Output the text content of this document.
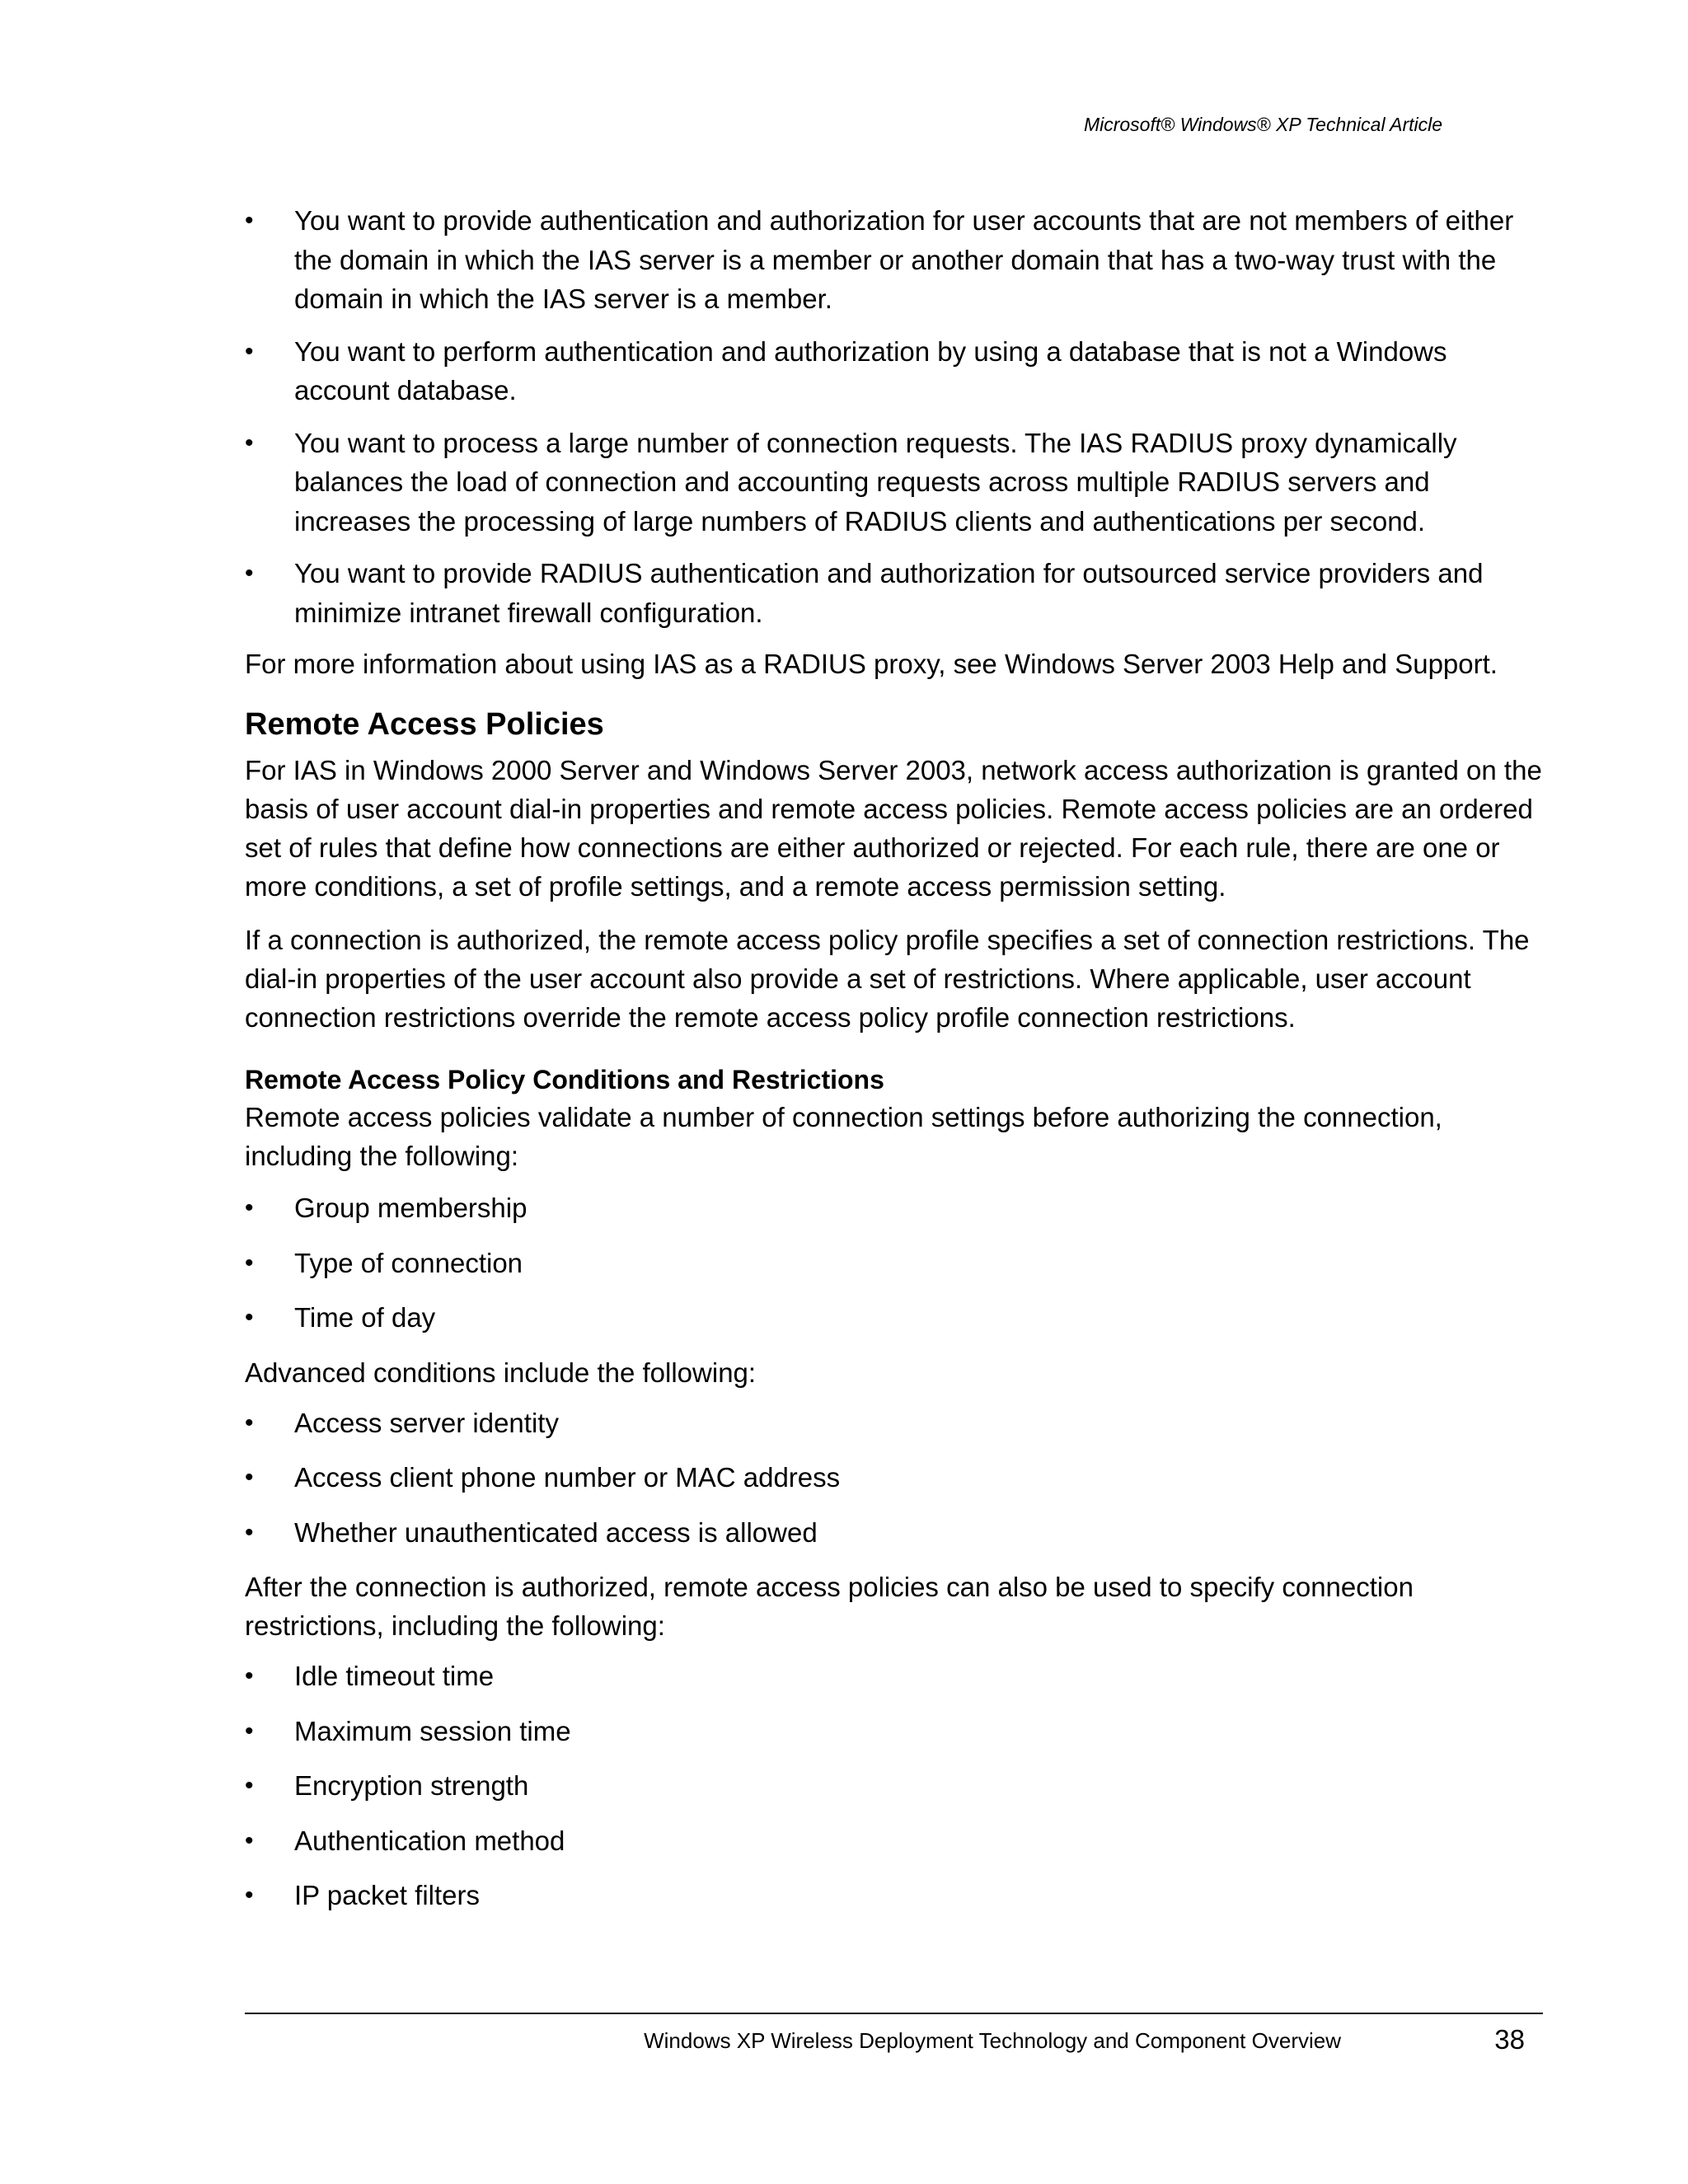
Microsoft® Windows® XP Technical Article
• You want to provide authentication and authorization for user accounts that are not members of either the domain in which the IAS server is a member or another domain that has a two-way trust with the domain in which the IAS server is a member.
• You want to perform authentication and authorization by using a database that is not a Windows account database.
• You want to process a large number of connection requests. The IAS RADIUS proxy dynamically balances the load of connection and accounting requests across multiple RADIUS servers and increases the processing of large numbers of RADIUS clients and authentications per second.
• You want to provide RADIUS authentication and authorization for outsourced service providers and minimize intranet firewall configuration.

For more information about using IAS as a RADIUS proxy, see Windows Server 2003 Help and Support.

Remote Access Policies

For IAS in Windows 2000 Server and Windows Server 2003, network access authorization is granted on the basis of user account dial-in properties and remote access policies. Remote access policies are an ordered set of rules that define how connections are either authorized or rejected. For each rule, there are one or more conditions, a set of profile settings, and a remote access permission setting.

If a connection is authorized, the remote access policy profile specifies a set of connection restrictions. The dial-in properties of the user account also provide a set of restrictions. Where applicable, user account connection restrictions override the remote access policy profile connection restrictions.

Remote Access Policy Conditions and Restrictions

Remote access policies validate a number of connection settings before authorizing the connection, including the following:

• Group membership
• Type of connection
• Time of day

Advanced conditions include the following:

• Access server identity
• Access client phone number or MAC address
• Whether unauthenticated access is allowed

After the connection is authorized, remote access policies can also be used to specify connection restrictions, including the following:

• Idle timeout time
• Maximum session time
• Encryption strength
• Authentication method
• IP packet filters
Windows XP Wireless Deployment Technology and Component Overview	38
